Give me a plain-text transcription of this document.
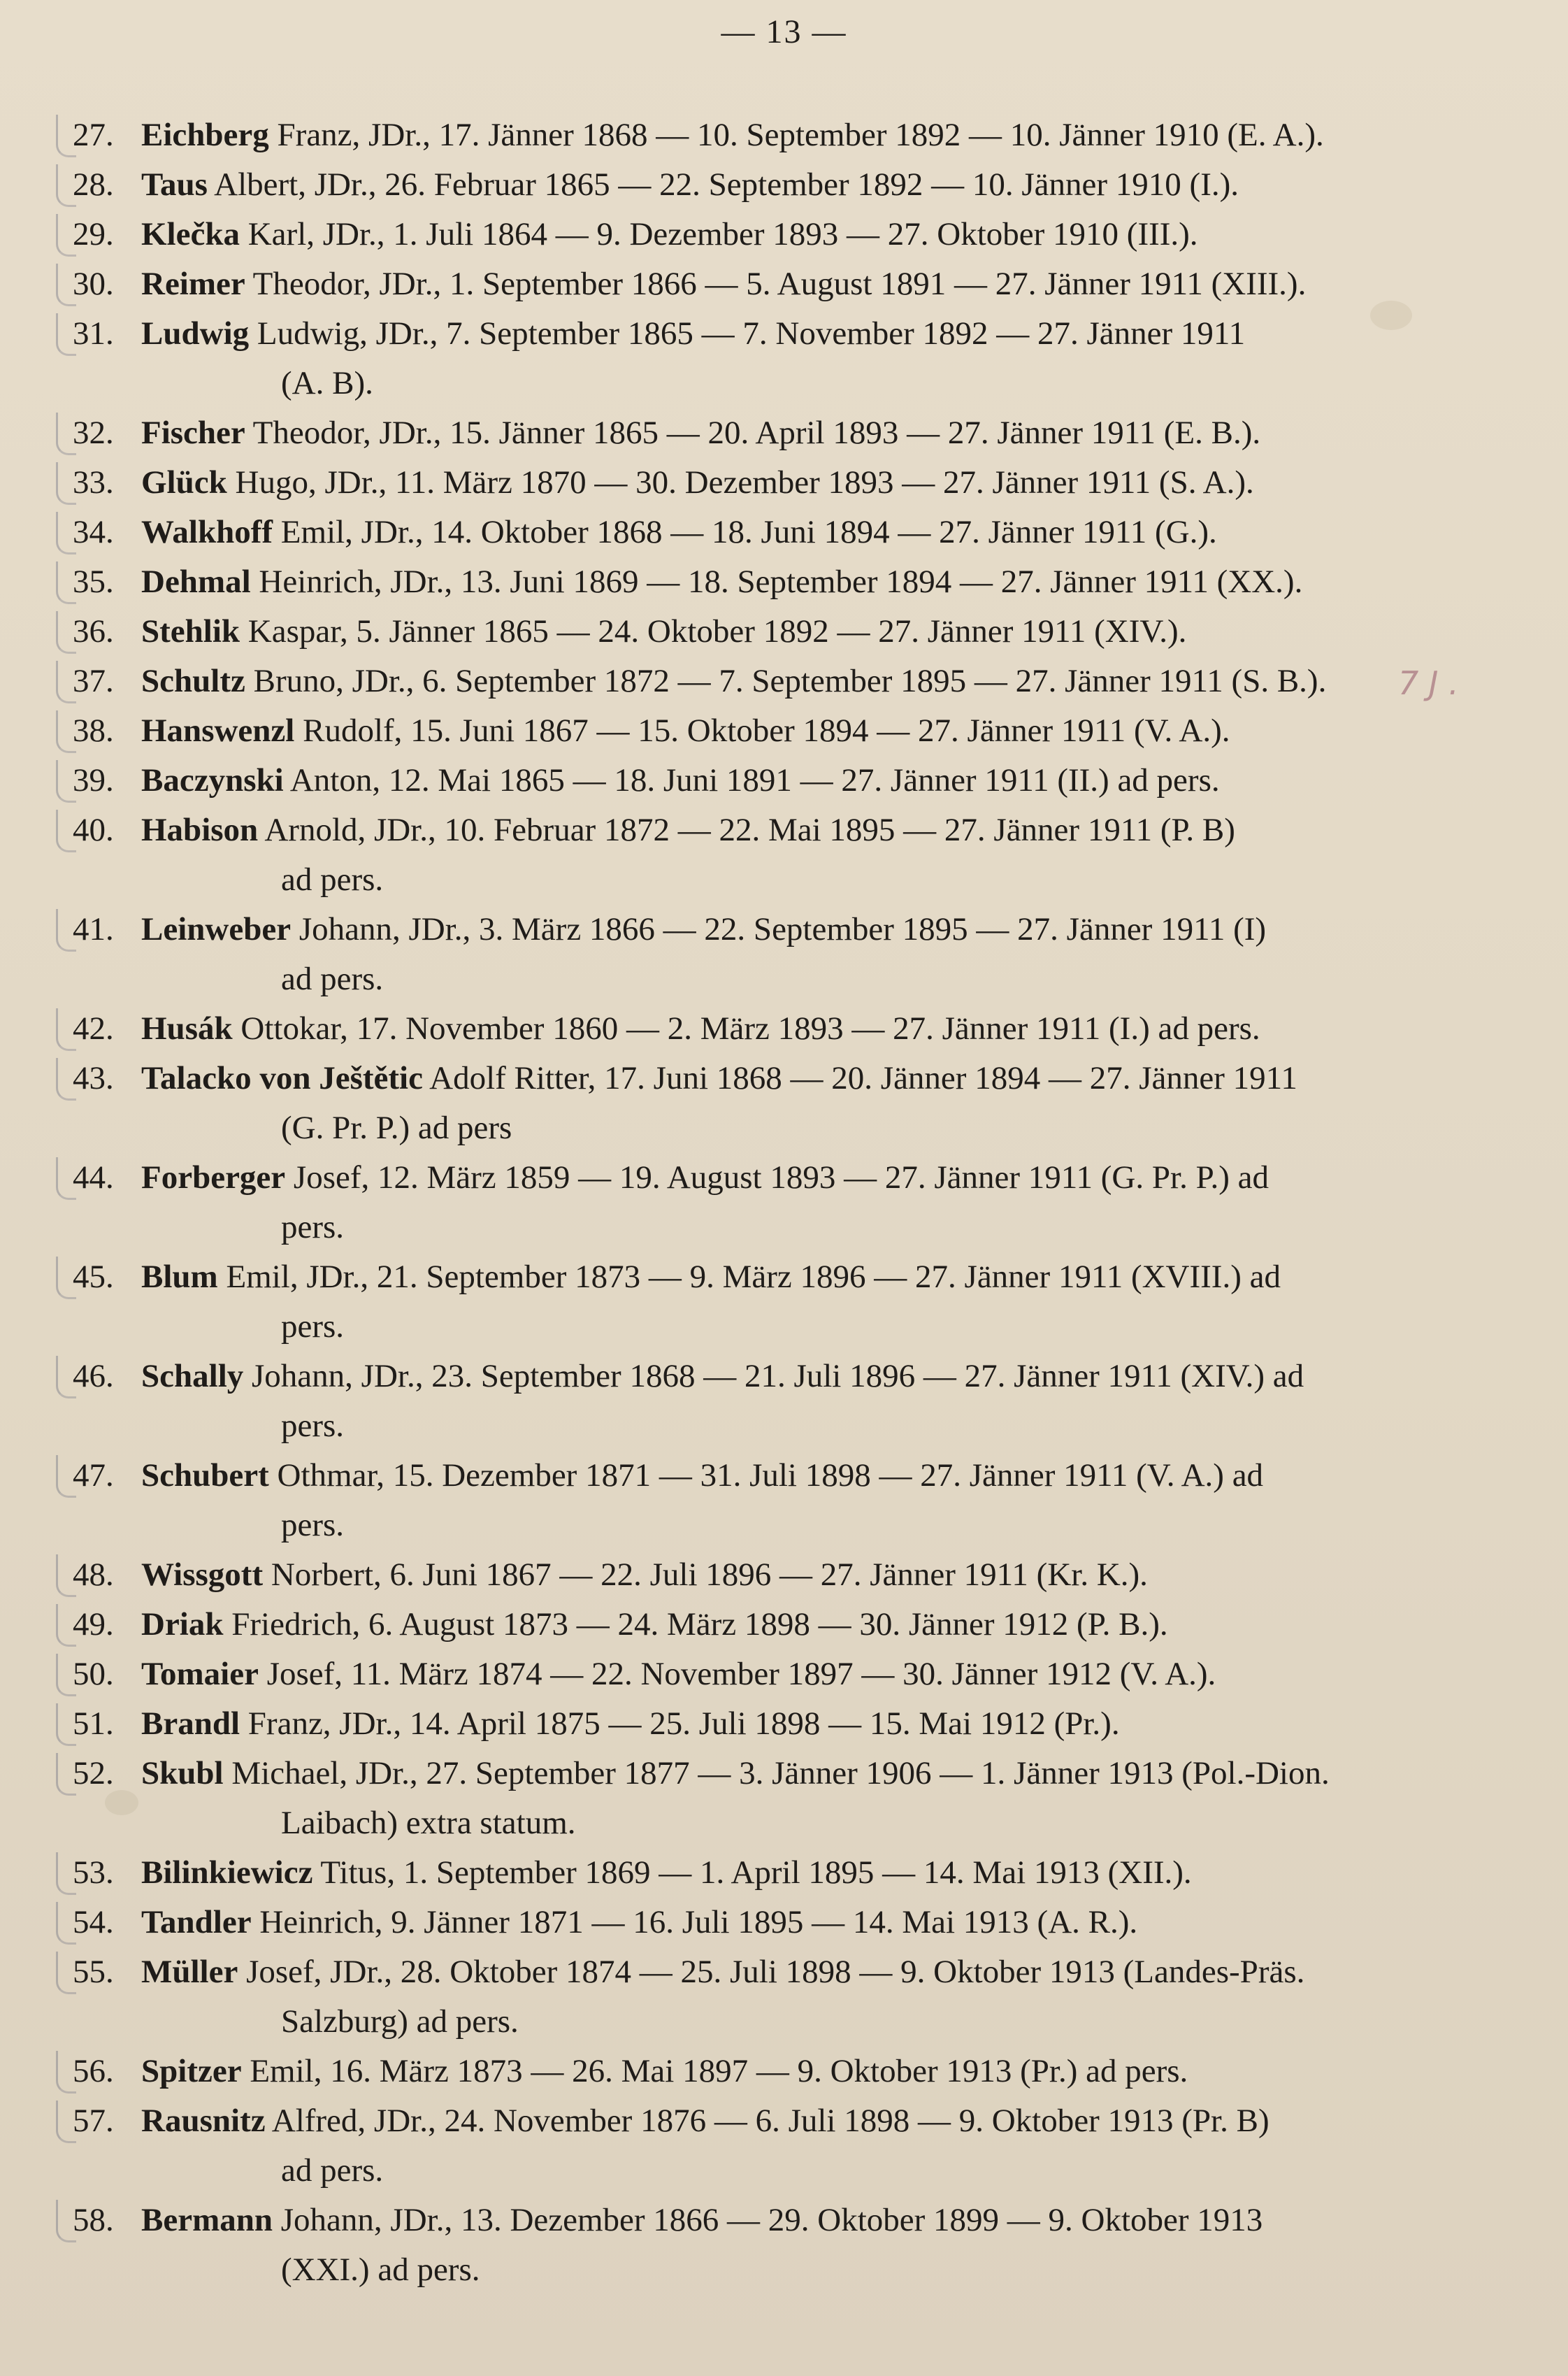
— 13 —
27. Eichberg Franz, JDr., 17. Jänner 1868 — 10. September 1892 — 10. Jänner 1910 (E. A.).
28. Taus Albert, JDr., 26. Februar 1865 — 22. September 1892 — 10. Jänner 1910 (I.).
29. Klečka Karl, JDr., 1. Juli 1864 — 9. Dezember 1893 — 27. Oktober 1910 (III.).
30. Reimer Theodor, JDr., 1. September 1866 — 5. August 1891 — 27. Jänner 1911 (XIII.).
31. Ludwig Ludwig, JDr., 7. September 1865 — 7. November 1892 — 27. Jänner 1911
(A. B).
32. Fischer Theodor, JDr., 15. Jänner 1865 — 20. April 1893 — 27. Jänner 1911 (E. B.).
33. Glück Hugo, JDr., 11. März 1870 — 30. Dezember 1893 — 27. Jänner 1911 (S. A.).
34. Walkhoff Emil, JDr., 14. Oktober 1868 — 18. Juni 1894 — 27. Jänner 1911 (G.).
35. Dehmal Heinrich, JDr., 13. Juni 1869 — 18. September 1894 — 27. Jänner 1911 (XX.).
36. Stehlik Kaspar, 5. Jänner 1865 — 24. Oktober 1892 — 27. Jänner 1911 (XIV.).
37. Schultz Bruno, JDr., 6. September 1872 — 7. September 1895 — 27. Jänner 1911 (S. B.).
38. Hanswenzl Rudolf, 15. Juni 1867 — 15. Oktober 1894 — 27. Jänner 1911 (V. A.).
39. Baczynski Anton, 12. Mai 1865 — 18. Juni 1891 — 27. Jänner 1911 (II.) ad pers.
40. Habison Arnold, JDr., 10. Februar 1872 — 22. Mai 1895 — 27. Jänner 1911 (P. B)
ad pers.
41. Leinweber Johann, JDr., 3. März 1866 — 22. September 1895 — 27. Jänner 1911 (I)
ad pers.
42. Husák Ottokar, 17. November 1860 — 2. März 1893 — 27. Jänner 1911 (I.) ad pers.
43. Talacko von Ještětic Adolf Ritter, 17. Juni 1868 — 20. Jänner 1894 — 27. Jänner 1911
(G. Pr. P.) ad pers
44. Forberger Josef, 12. März 1859 — 19. August 1893 — 27. Jänner 1911 (G. Pr. P.) ad
pers.
45. Blum Emil, JDr., 21. September 1873 — 9. März 1896 — 27. Jänner 1911 (XVIII.) ad
pers.
46. Schally Johann, JDr., 23. September 1868 — 21. Juli 1896 — 27. Jänner 1911 (XIV.) ad
pers.
47. Schubert Othmar, 15. Dezember 1871 — 31. Juli 1898 — 27. Jänner 1911 (V. A.) ad
pers.
48. Wissgott Norbert, 6. Juni 1867 — 22. Juli 1896 — 27. Jänner 1911 (Kr. K.).
49. Driak Friedrich, 6. August 1873 — 24. März 1898 — 30. Jänner 1912 (P. B.).
50. Tomaier Josef, 11. März 1874 — 22. November 1897 — 30. Jänner 1912 (V. A.).
51. Brandl Franz, JDr., 14. April 1875 — 25. Juli 1898 — 15. Mai 1912 (Pr.).
52. Skubl Michael, JDr., 27. September 1877 — 3. Jänner 1906 — 1. Jänner 1913 (Pol.-Dion.
Laibach) extra statum.
53. Bilinkiewicz Titus, 1. September 1869 — 1. April 1895 — 14. Mai 1913 (XII.).
54. Tandler Heinrich, 9. Jänner 1871 — 16. Juli 1895 — 14. Mai 1913 (A. R.).
55. Müller Josef, JDr., 28. Oktober 1874 — 25. Juli 1898 — 9. Oktober 1913 (Landes-Präs.
Salzburg) ad pers.
56. Spitzer Emil, 16. März 1873 — 26. Mai 1897 — 9. Oktober 1913 (Pr.) ad pers.
57. Rausnitz Alfred, JDr., 24. November 1876 — 6. Juli 1898 — 9. Oktober 1913 (Pr. B)
ad pers.
58. Bermann Johann, JDr., 13. Dezember 1866 — 29. Oktober 1899 — 9. Oktober 1913
(XXI.) ad pers.
7 J .
